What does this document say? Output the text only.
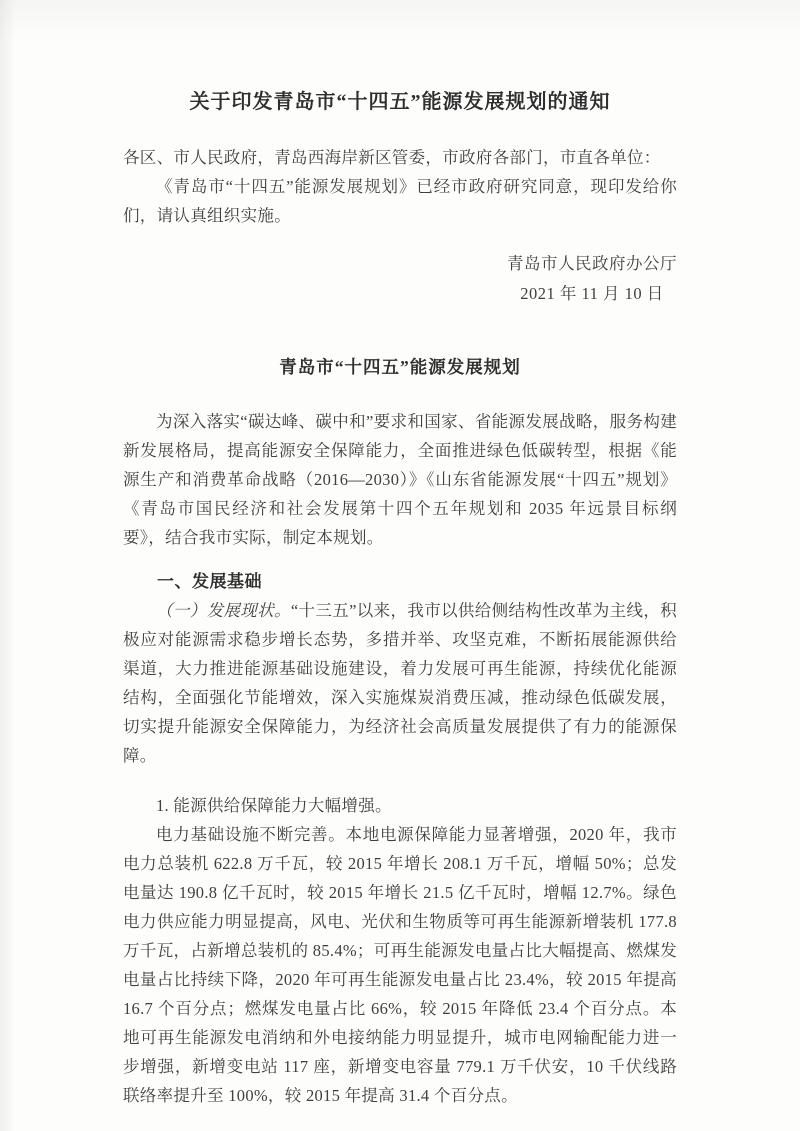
关于印发青岛市“十四五”能源发展规划的通知

各区、市人民政府，青岛西海岸新区管委，市政府各部门，市直各单位：

《青岛市“十四五”能源发展规划》已经市政府研究同意，现印发给你们，请认真组织实施。

青岛市人民政府办公厅
2021 年 11 月 10 日
青岛市“十四五”能源发展规划

为深入落实“碳达峰、碳中和”要求和国家、省能源发展战略，服务构建新发展格局，提高能源安全保障能力，全面推进绿色低碳转型，根据《能源生产和消费革命战略（2016—2030）》《山东省能源发展“十四五”规划》《青岛市国民经济和社会发展第十四个五年规划和 2035 年远景目标纲要》，结合我市实际，制定本规划。

一、发展基础

（一）发展现状。“十三五”以来，我市以供给侧结构性改革为主线，积极应对能源需求稳步增长态势，多措并举、攻坚克难，不断拓展能源供给渠道，大力推进能源基础设施建设，着力发展可再生能源，持续优化能源结构，全面强化节能增效，深入实施煤炭消费压减，推动绿色低碳发展，切实提升能源安全保障能力，为经济社会高质量发展提供了有力的能源保障。

1. 能源供给保障能力大幅增强。

电力基础设施不断完善。本地电源保障能力显著增强，2020 年，我市电力总装机 622.8 万千瓦，较 2015 年增长 208.1 万千瓦，增幅 50%；总发电量达 190.8 亿千瓦时，较 2015 年增长 21.5 亿千瓦时，增幅 12.7%。绿色电力供应能力明显提高，风电、光伏和生物质等可再生能源新增装机 177.8 万千瓦，占新增总装机的 85.4%；可再生能源发电量占比大幅提高、燃煤发电量占比持续下降，2020 年可再生能源发电量占比 23.4%，较 2015 年提高 16.7 个百分点；燃煤发电量占比 66%，较 2015 年降低 23.4 个百分点。本地可再生能源发电消纳和外电接纳能力明显提升，城市电网输配能力进一步增强，新增变电站 117 座，新增变电容量 779.1 万千伏安，10 千伏线路联络率提升至 100%，较 2015 年提高 31.4 个百分点。
